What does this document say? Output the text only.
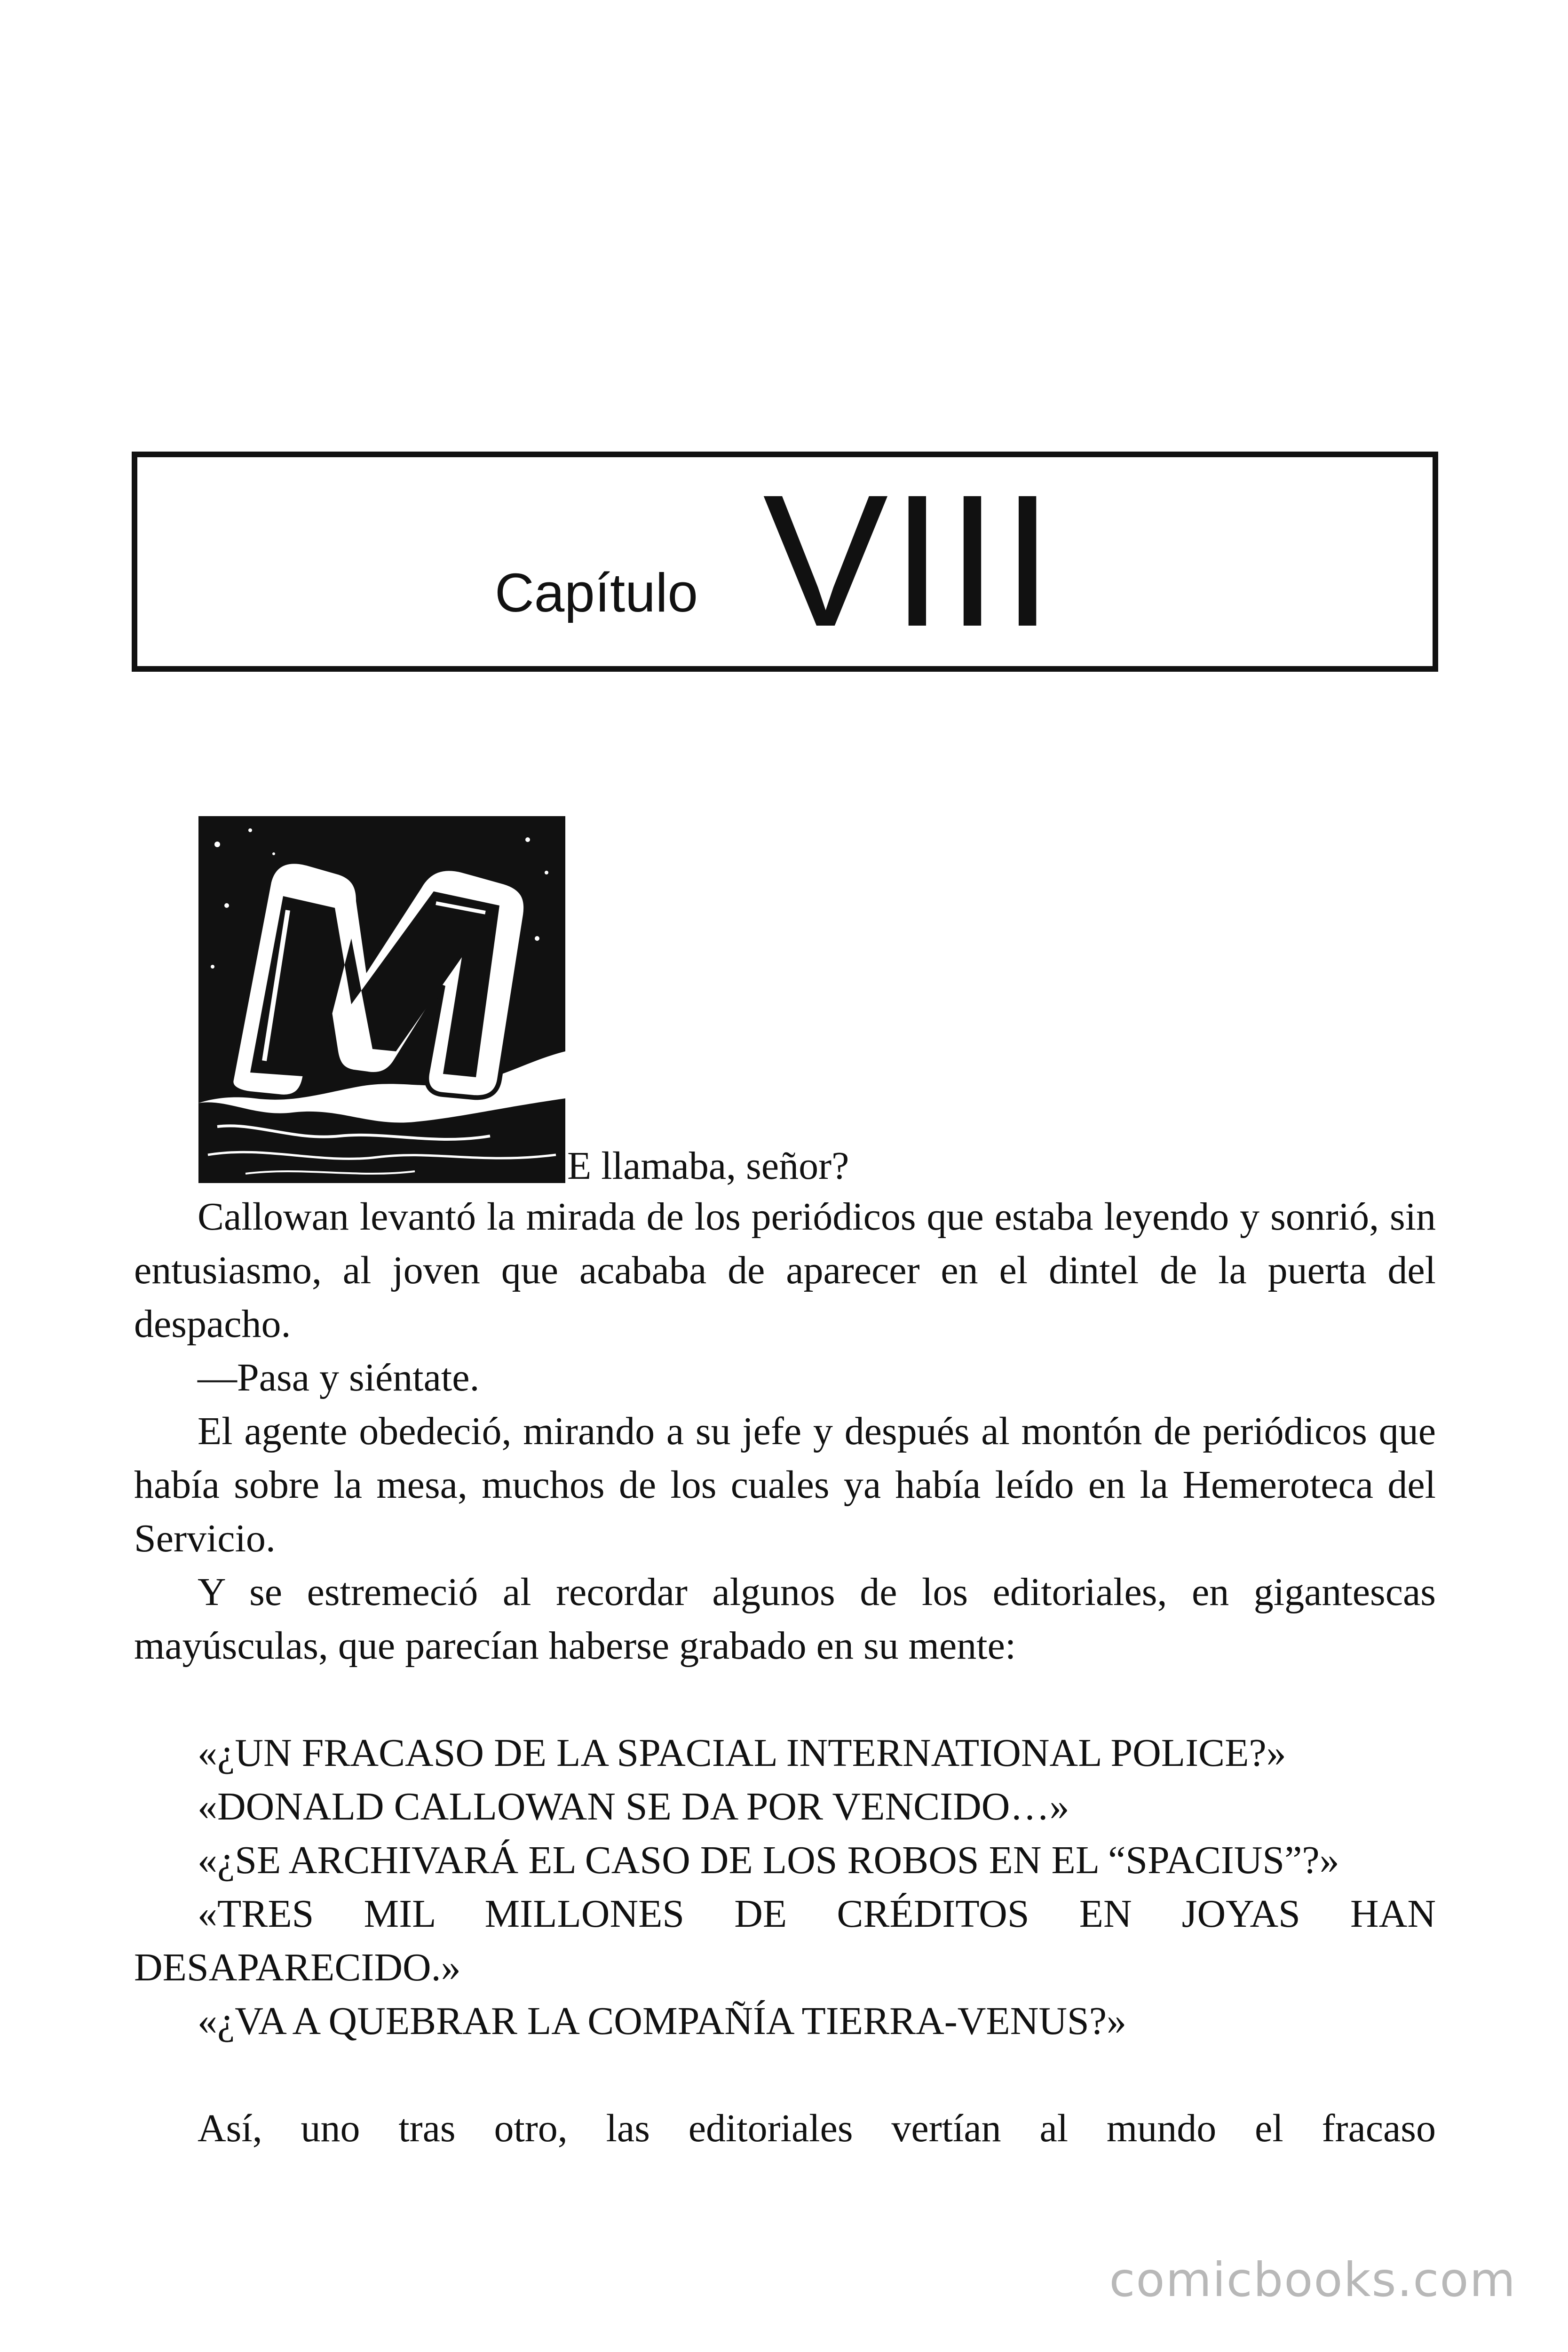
Capítulo VIII
E llamaba, señor?

Callowan levantó la mirada de los periódicos que estaba leyendo y sonrió, sin entusiasmo, al joven que acababa de aparecer en el dintel de la puerta del despacho.

—Pasa y siéntate.

El agente obedeció, mirando a su jefe y después al montón de periódicos que había sobre la mesa, muchos de los cuales ya había leído en la Hemeroteca del Servicio.

Y se estremeció al recordar algunos de los editoriales, en gigantescas mayúsculas, que parecían haberse grabado en su mente:

«¿UN FRACASO DE LA SPACIAL INTERNATIONAL POLICE?»

«DONALD CALLOWAN SE DA POR VENCIDO…»

«¿SE ARCHIVARÁ EL CASO DE LOS ROBOS EN EL “SPACIUS”?»

«TRES MIL MILLONES DE CRÉDITOS EN JOYAS HAN DESAPARECIDO.»

«¿VA A QUEBRAR LA COMPAÑÍA TIERRA-VENUS?»

Así, uno tras otro, las editoriales vertían al mundo el fracaso

comicbooks.com
